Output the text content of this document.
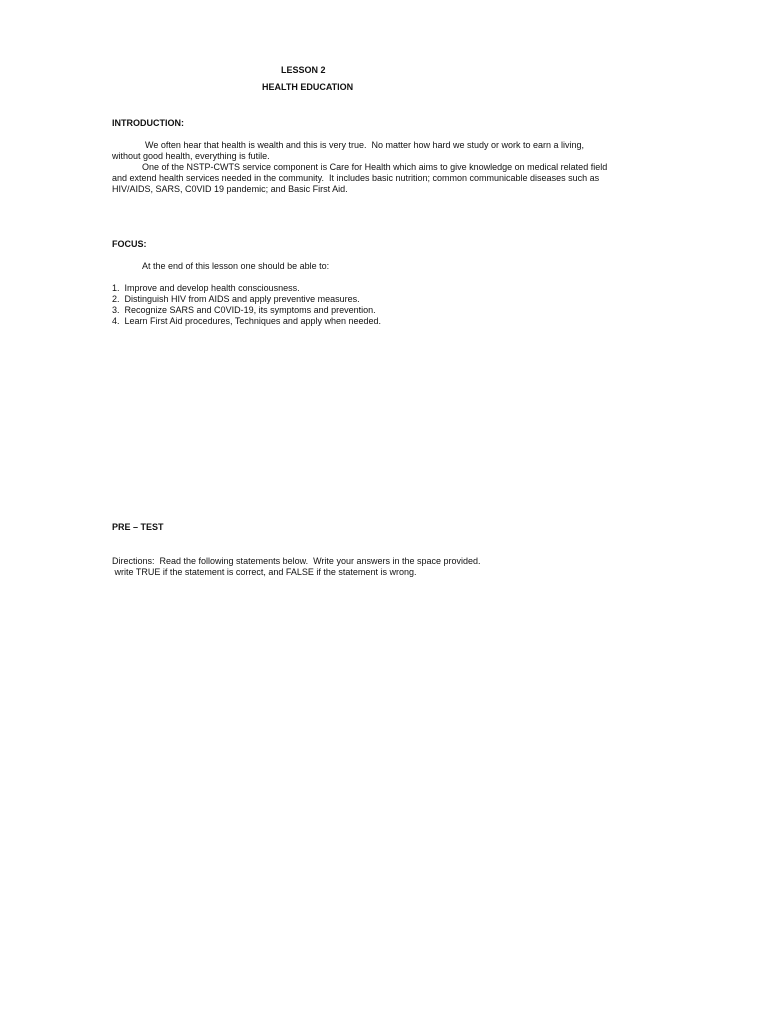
LESSON 2

HEALTH EDUCATION

INTRODUCTION:

We often hear that health is wealth and this is very true.  No matter how hard we study or work to earn a living,

without good health, everything is futile.

One of the NSTP-CWTS service component is Care for Health which aims to give knowledge on medical related field

and extend health services needed in the community.  It includes basic nutrition; common communicable diseases such as

HIV/AIDS, SARS, C0VID 19 pandemic; and Basic First Aid.

FOCUS:

At the end of this lesson one should be able to:

1.  Improve and develop health consciousness.

2.  Distinguish HIV from AIDS and apply preventive measures.

3.  Recognize SARS and C0VID-19, its symptoms and prevention.

4.  Learn First Aid procedures, Techniques and apply when needed.

PRE – TEST

Directions:  Read the following statements below.  Write your answers in the space provided.

write TRUE if the statement is correct, and FALSE if the statement is wrong.
